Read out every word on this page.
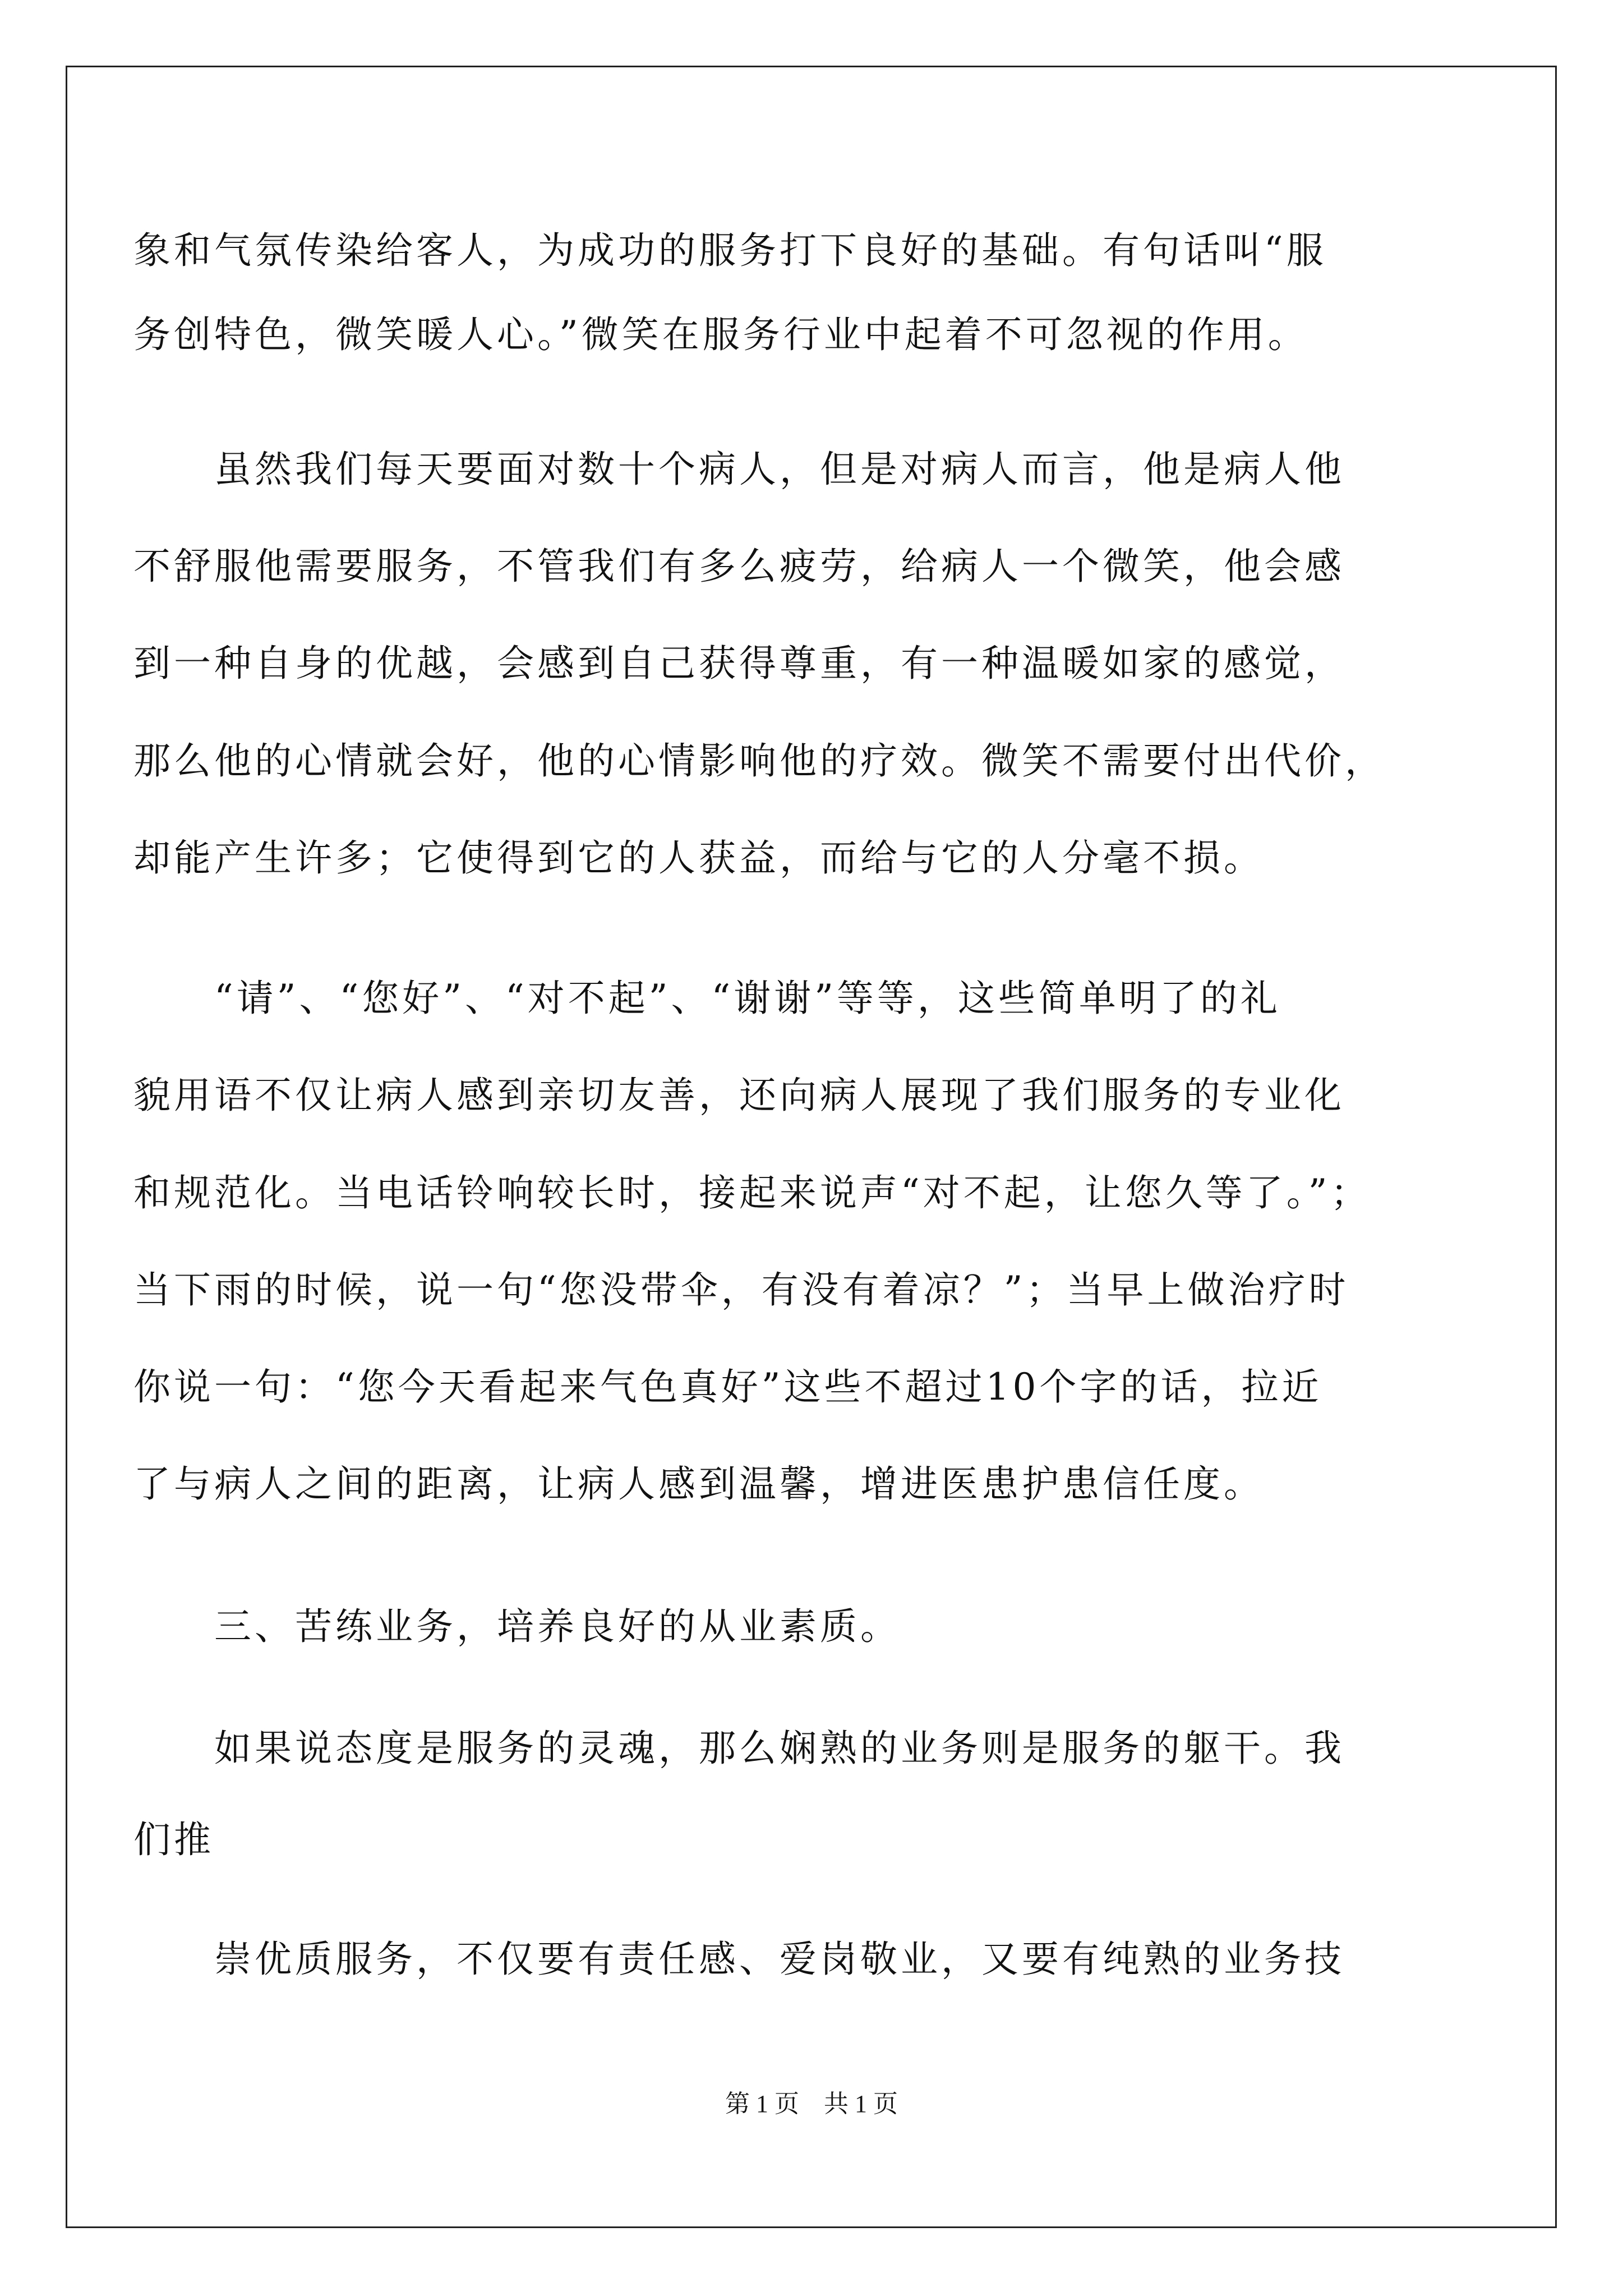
象和气氛传染给客人，为成功的服务打下良好的基础。有句话叫“服
务创特色，微笑暖人心。”微笑在服务行业中起着不可忽视的作用。
　　虽然我们每天要面对数十个病人，但是对病人而言，他是病人他
不舒服他需要服务，不管我们有多么疲劳，给病人一个微笑，他会感
到一种自身的优越，会感到自己获得尊重，有一种温暖如家的感觉，
那么他的心情就会好，他的心情影响他的疗效。微笑不需要付出代价，
却能产生许多；它使得到它的人获益，而给与它的人分毫不损。
　　“请”、“您好”、“对不起”、“谢谢”等等，这些简单明了的礼
貌用语不仅让病人感到亲切友善，还向病人展现了我们服务的专业化
和规范化。当电话铃响较长时，接起来说声“对不起，让您久等了。”；
当下雨的时候，说一句“您没带伞，有没有着凉？”；当早上做治疗时
你说一句：“您今天看起来气色真好”这些不超过10个字的话，拉近
了与病人之间的距离，让病人感到温馨，增进医患护患信任度。
　　三、苦练业务，培养良好的从业素质。
　　如果说态度是服务的灵魂，那么娴熟的业务则是服务的躯干。我
们推
　　崇优质服务，不仅要有责任感、爱岗敬业，又要有纯熟的业务技
第 1 页　共 1 页
